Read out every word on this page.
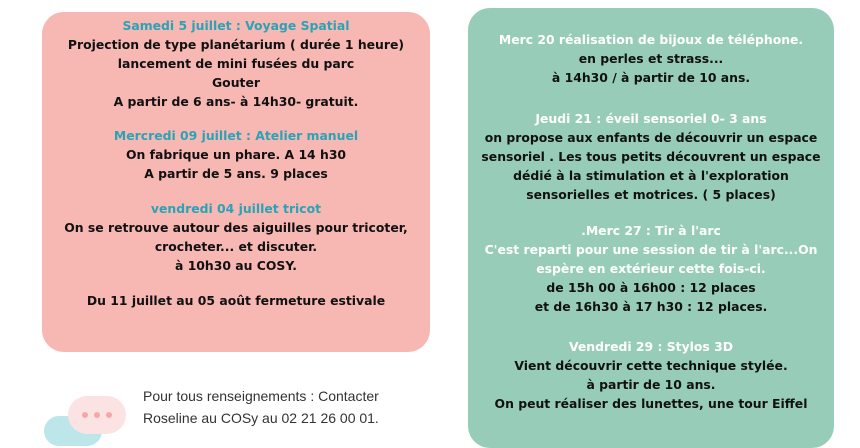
Samedi 5 juillet : Voyage Spatial
Projection de type planétarium ( durée 1 heure)
lancement de mini fusées du parc
Gouter
A partir de 6 ans- à 14h30- gratuit.
Mercredi 09 juillet : Atelier manuel
On fabrique un phare. A 14 h30
A partir de 5 ans. 9 places
vendredi 04 juillet tricot
On se retrouve autour des aiguilles pour tricoter,
crocheter... et discuter.
à 10h30 au COSY.
Du 11 juillet au 05 août fermeture estivale
Merc 20 réalisation de bijoux de téléphone.
en perles et strass...
à 14h30 / à partir de 10 ans.
Jeudi 21 : éveil sensoriel 0- 3 ans
on propose aux enfants de découvrir un espace
sensoriel . Les tous petits découvrent un espace
dédié à la stimulation et à l'exploration
sensorielles et motrices. ( 5 places)
.Merc 27 : Tir à l'arc
C'est reparti pour une session de tir à l'arc...On
espère en extérieur cette fois-ci.
de 15h 00 à 16h00 : 12 places
et de 16h30 à 17 h30 : 12 places.
Vendredi 29 : Stylos 3D
Vient découvrir cette technique stylée.
à partir de 10 ans.
On peut réaliser des lunettes, une tour Eiffel
Pour tous renseignements : Contacter
Roseline au COSy au 02 21 26 00 01.
